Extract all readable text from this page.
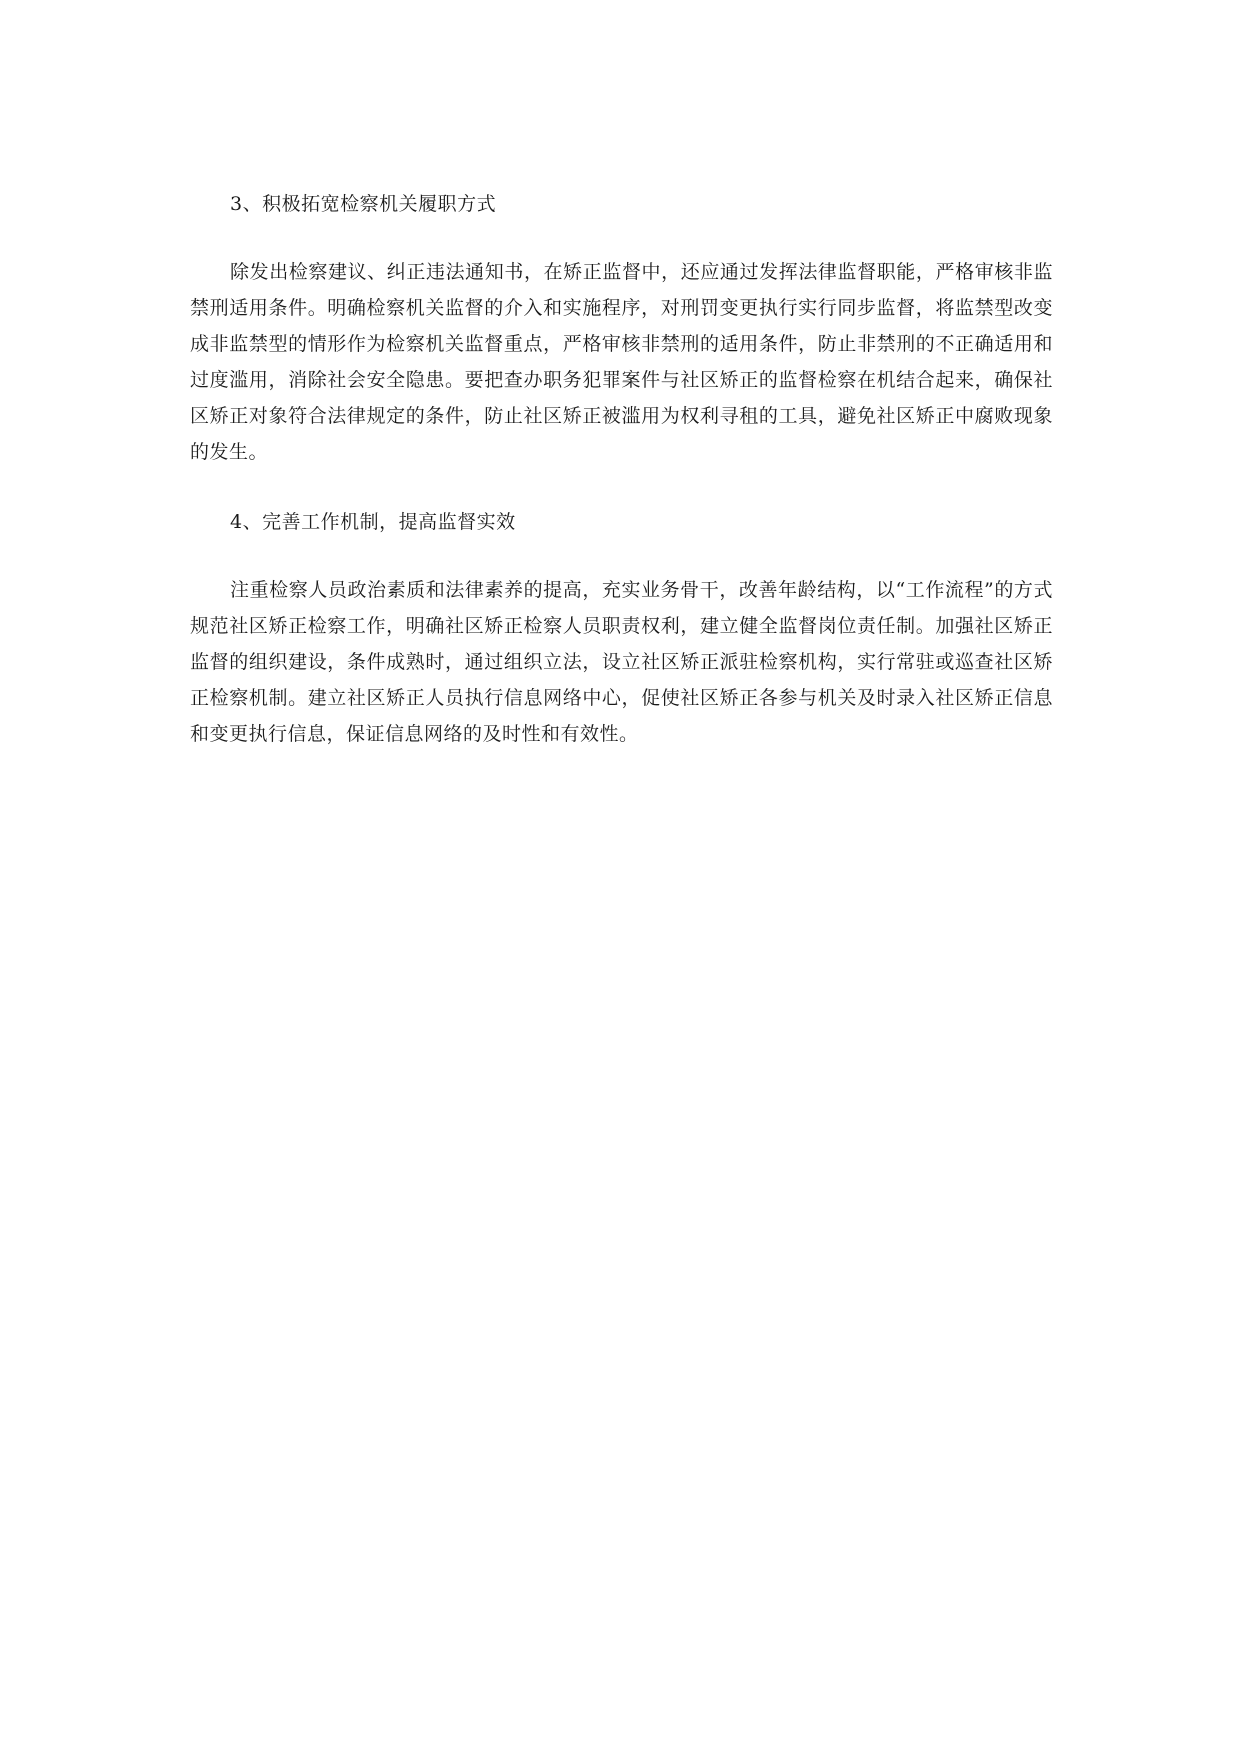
3、积极拓宽检察机关履职方式

除发出检察建议、纠正违法通知书，在矫正监督中，还应通过发挥法律监督职能，严格审核非监禁刑适用条件。明确检察机关监督的介入和实施程序，对刑罚变更执行实行同步监督，将监禁型改变成非监禁型的情形作为检察机关监督重点，严格审核非禁刑的适用条件，防止非禁刑的不正确适用和过度滥用，消除社会安全隐患。要把查办职务犯罪案件与社区矫正的监督检察在机结合起来，确保社区矫正对象符合法律规定的条件，防止社区矫正被滥用为权利寻租的工具，避免社区矫正中腐败现象的发生。

4、完善工作机制，提高监督实效

注重检察人员政治素质和法律素养的提高，充实业务骨干，改善年龄结构，以“工作流程”的方式规范社区矫正检察工作，明确社区矫正检察人员职责权利，建立健全监督岗位责任制。加强社区矫正监督的组织建设，条件成熟时，通过组织立法，设立社区矫正派驻检察机构，实行常驻或巡查社区矫正检察机制。建立社区矫正人员执行信息网络中心，促使社区矫正各参与机关及时录入社区矫正信息和变更执行信息，保证信息网络的及时性和有效性。
